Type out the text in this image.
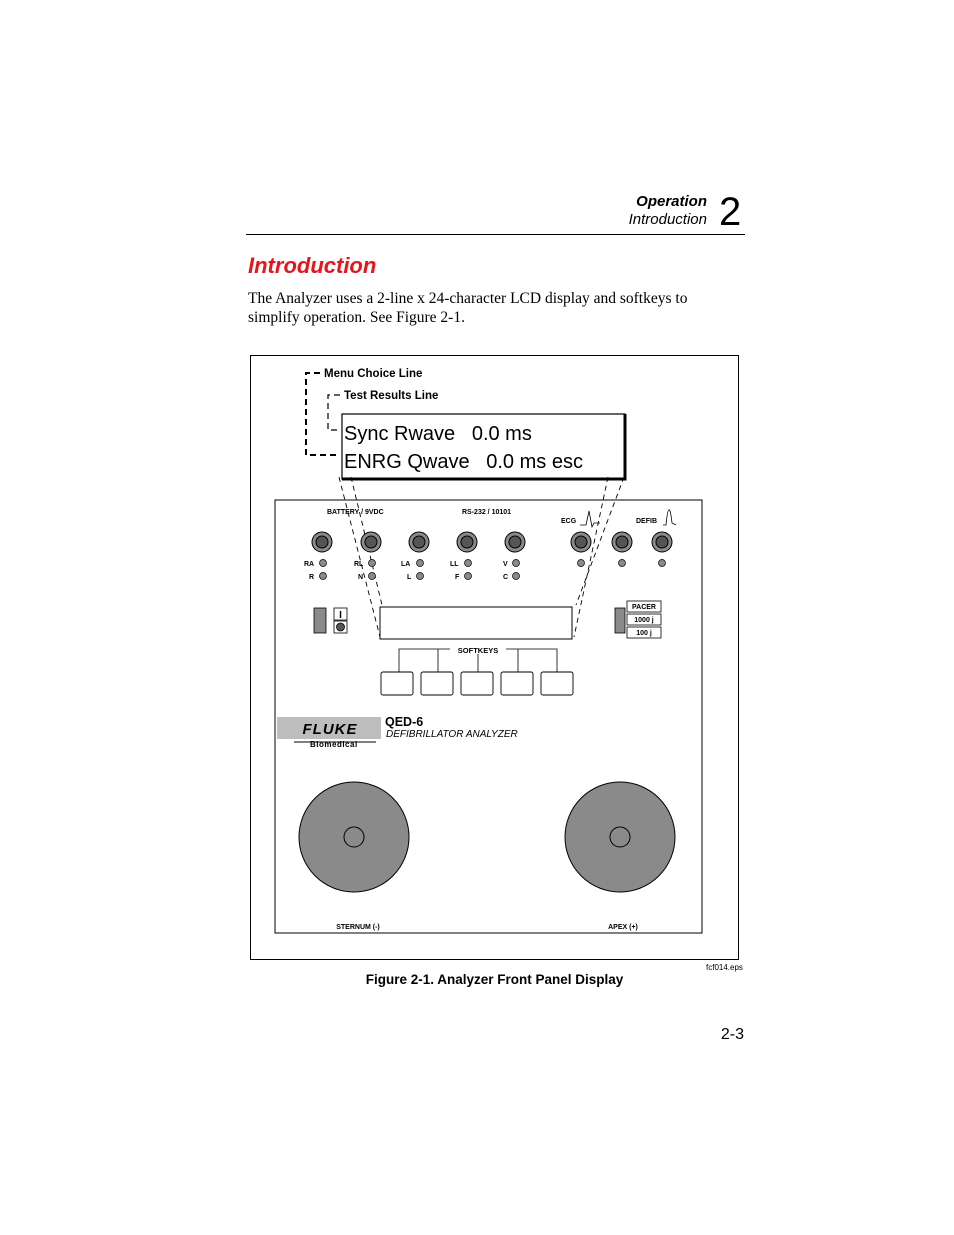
Operation
Introduction 2
Introduction
The Analyzer uses a 2-line x 24-character LCD display and softkeys to simplify operation. See Figure 2-1.
Menu Choice Line
Test Results Line
Sync Rwave   0.0 ms
ENRG Qwave   0.0 ms esc
BATTERY / 9VDC	RS-232 / 10101
ECG	DEFIB
RA	RL	LA	LL	V
R	N	L	F	C
I
PACER
1000 j
100 j
SOFTKEYS
FLUKE
Biomedical
QED-6
DEFIBRILLATOR ANALYZER
STERNUM (-)	APEX (+)
fcf014.eps
Figure 2-1. Analyzer Front Panel Display
2-3
